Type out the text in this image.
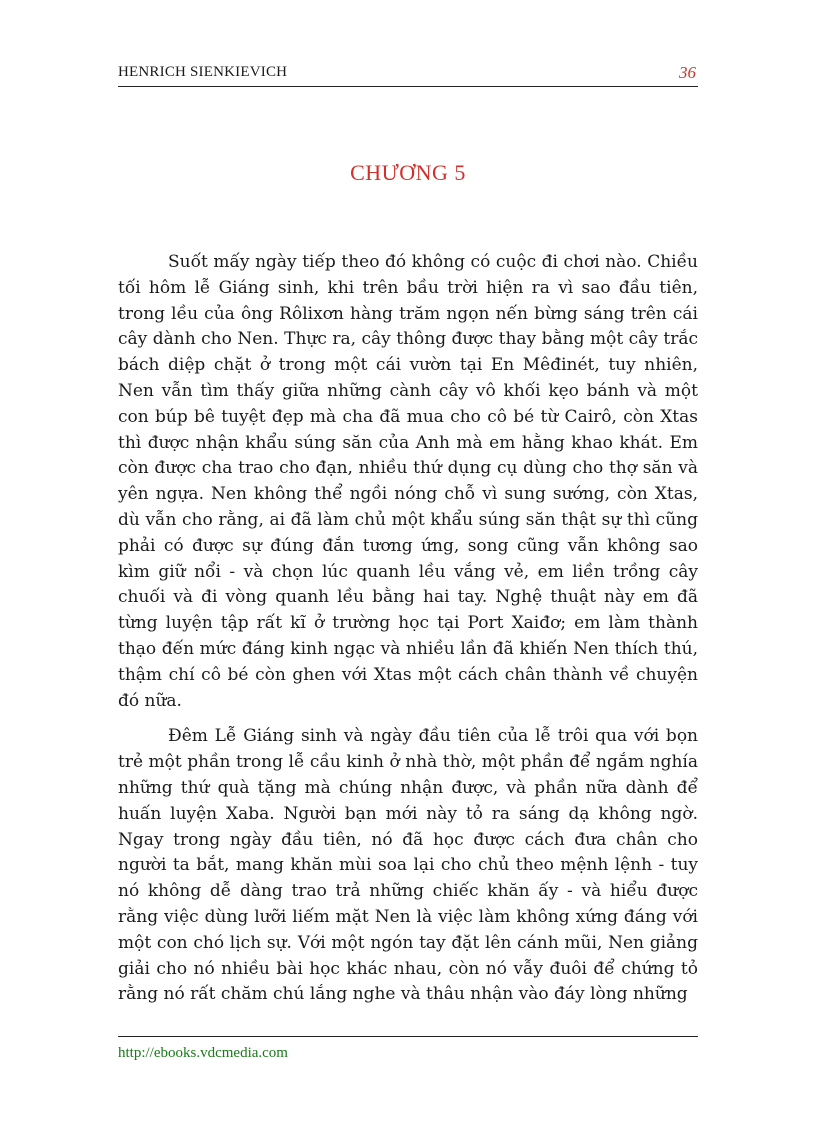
HENRICH SIENKIEVICH	36
CHƯƠNG 5

Suốt mấy ngày tiếp theo đó không có cuộc đi chơi nào. Chiều tối hôm lễ Giáng sinh, khi trên bầu trời hiện ra vì sao đầu tiên, trong lều của ông Rôlixơn hàng trăm ngọn nến bừng sáng trên cái cây dành cho Nen. Thực ra, cây thông được thay bằng một cây trắc bách diệp chặt ở trong một cái vườn tại En Mêđinét, tuy nhiên, Nen vẫn tìm thấy giữa những cành cây vô khối kẹo bánh và một con búp bê tuyệt đẹp mà cha đã mua cho cô bé từ Cairô, còn Xtas thì được nhận khẩu súng săn của Anh mà em hằng khao khát. Em còn được cha trao cho đạn, nhiều thứ dụng cụ dùng cho thợ săn và yên ngựa. Nen không thể ngồi nóng chỗ vì sung sướng, còn Xtas, dù vẫn cho rằng, ai đã làm chủ một khẩu súng săn thật sự thì cũng phải có được sự đúng đắn tương ứng, song cũng vẫn không sao kìm giữ nổi - và chọn lúc quanh lều vắng vẻ, em liền trồng cây chuối và đi vòng quanh lều bằng hai tay. Nghệ thuật này em đã từng luyện tập rất kĩ ở trường học tại Port Xaiđơ; em làm thành thạo đến mức đáng kinh ngạc và nhiều lần đã khiến Nen thích thú, thậm chí cô bé còn ghen với Xtas một cách chân thành về chuyện đó nữa.

Đêm Lễ Giáng sinh và ngày đầu tiên của lễ trôi qua với bọn trẻ một phần trong lễ cầu kinh ở nhà thờ, một phần để ngắm nghía những thứ quà tặng mà chúng nhận được, và phần nữa dành để huấn luyện Xaba. Người bạn mới này tỏ ra sáng dạ không ngờ. Ngay trong ngày đầu tiên, nó đã học được cách đưa chân cho người ta bắt, mang khăn mùi soa lại cho chủ theo mệnh lệnh - tuy nó không dễ dàng trao trả những chiếc khăn ấy - và hiểu được rằng việc dùng lưỡi liếm mặt Nen là việc làm không xứng đáng với một con chó lịch sự. Với một ngón tay đặt lên cánh mũi, Nen giảng giải cho nó nhiều bài học khác nhau, còn nó vẫy đuôi để chứng tỏ rằng nó rất chăm chú lắng nghe và thâu nhận vào đáy lòng những

http://ebooks.vdcmedia.com
